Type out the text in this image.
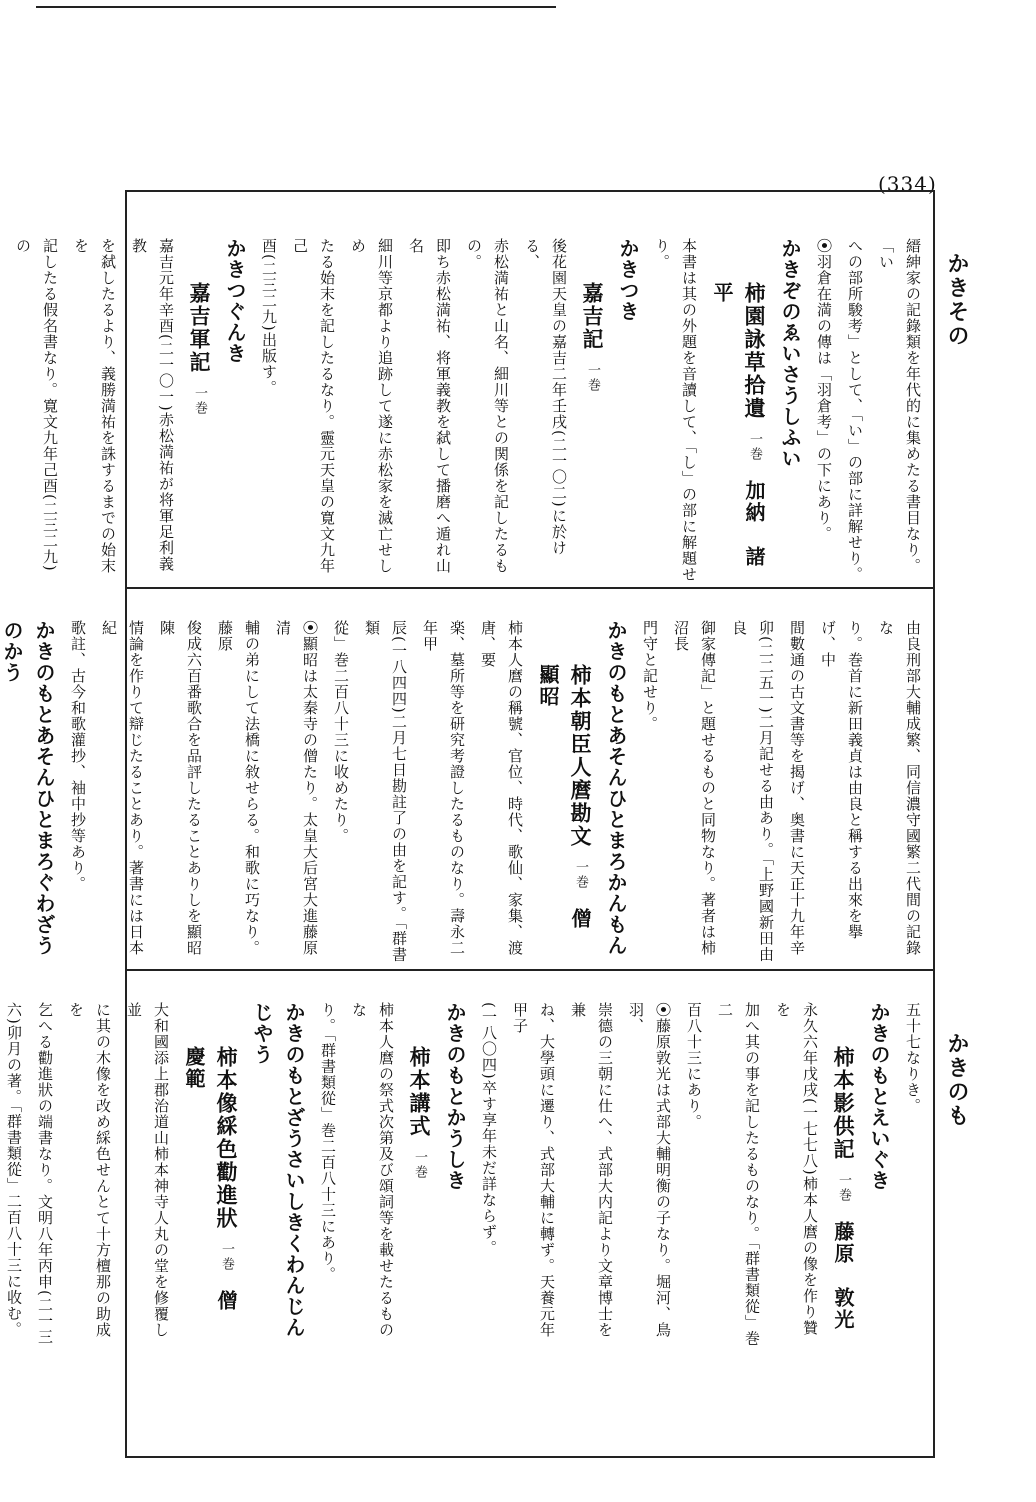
(334)
かきその
かきのも
縉紳家の記錄類を年代的に集めたる書目なり。「い
への部所駿考」として、「い」の部に詳解せり。
⦿羽倉在満の傳は「羽倉考」の下にあり。
かきぞのゑいさうしふい
柿園詠草拾遺一巻加納　諸平
本書は其の外題を音讀して、「し」の部に解題せり。
かきつき
嘉吉記一巻
後花園天皇の嘉吉二年壬戌(二一〇二)に於ける、
赤松満祐と山名、細川等との関係を記したるもの。
即ち赤松満祐、将軍義教を弑して播磨へ遁れ山名
細川等京都より追跡して遂に赤松家を滅亡せしめ
たる始末を記したるなり。靈元天皇の寛文九年己
酉(二三二九)出版す。
かきつぐんき
嘉吉軍記一巻
嘉吉元年辛酉(二一〇一)赤松満祐が将軍足利義教
を弑したるより、義勝満祐を誅するまでの始末を
記したる假名書なり。寛文九年己酉(二三二九)の
由良刑部大輔成繁、同信濃守國繁二代間の記錄な
り。巻首に新田義貞は由良と稱する出來を擧げ、中
間數通の古文書等を揭げ、奥書に天正十九年辛
卯(二二五一)二月記せる由あり。「上野國新田由良
御家傳記」と題せるものと同物なり。著者は柿沼長
門守と記せり。
かきのもとあそんひとまろかんもん
柿本朝臣人麿勘文一巻僧　　顯昭
柿本人麿の稱號、官位、時代、歌仙、家集、渡唐、要
楽、墓所等を研究考證したるものなり。壽永二年甲
辰(一八四四)二月七日勘註了の由を記す。「群書類
從」巻二百八十三に收めたり。
⦿顯昭は太秦寺の僧たり。太皇大后宮大進藤原清
輔の弟にして法橋に敘せらる。和歌に巧なり。藤原
俊成六百番歌合を品評したることありしを顯昭陳
情論を作りて辯じたることあり。著書には日本紀
歌註、古今和歌灌抄、袖中抄等あり。
かきのもとあそんひとまろぐわざうのかう
五十七なりき。
かきのもとえいぐき
柿本影供記一巻藤原　敦光
永久六年戊戌(一七七八)柿本人麿の像を作り贊を
加へ其の事を記したるものなり。「群書類從」巻二
百八十三にあり。
⦿藤原敦光は式部大輔明衡の子なり。堀河、鳥羽、
崇德の三朝に仕へ、式部大内記より文章博士を兼
ね、大學頭に遷り、式部大輔に轉ず。天養元年甲子
(一八〇四)卒す享年未だ詳ならず。
かきのもとかうしき
柿本講式一巻
柿本人麿の祭式次第及び頌詞等を載せたるものな
り。「群書類從」巻二百八十三にあり。
かきのもとざうさいしきくわんじんじやう
柿本像綵色勸進狀一巻僧　　慶範
大和國添上郡治道山柿本神寺人丸の堂を修覆し並
に其の木像を改め綵色せんとて十方檀那の助成を
乞へる勸進狀の端書なり。文明八年丙申(二一三
六)卯月の著。「群書類從」二百八十三に收む。
